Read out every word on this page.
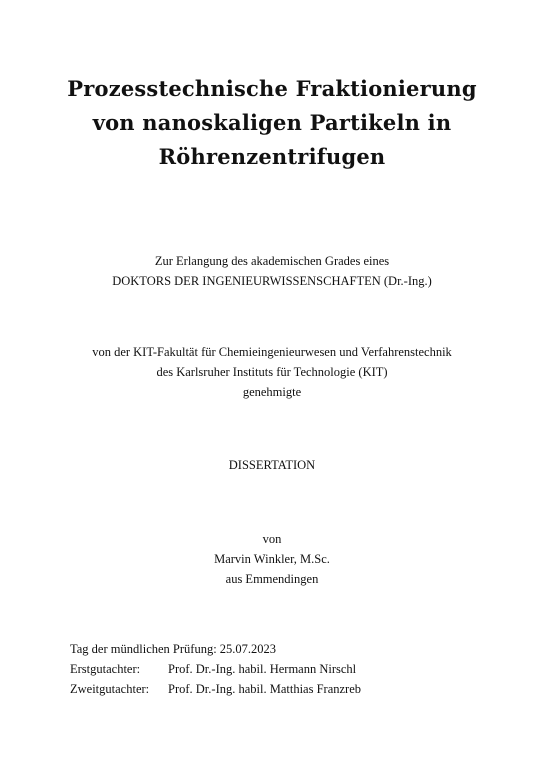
Prozesstechnische Fraktionierung
von nanoskaligen Partikeln in
Röhrenzentrifugen
Zur Erlangung des akademischen Grades eines
DOKTORS DER INGENIEURWISSENSCHAFTEN (Dr.-Ing.)
von der KIT-Fakultät für Chemieingenieurwesen und Verfahrenstechnik
des Karlsruher Instituts für Technologie (KIT)
genehmigte
DISSERTATION
von
Marvin Winkler, M.Sc.
aus Emmendingen
Tag der mündlichen Prüfung: 25.07.2023
Erstgutachter: Prof. Dr.-Ing. habil. Hermann Nirschl
Zweitgutachter: Prof. Dr.-Ing. habil. Matthias Franzreb
